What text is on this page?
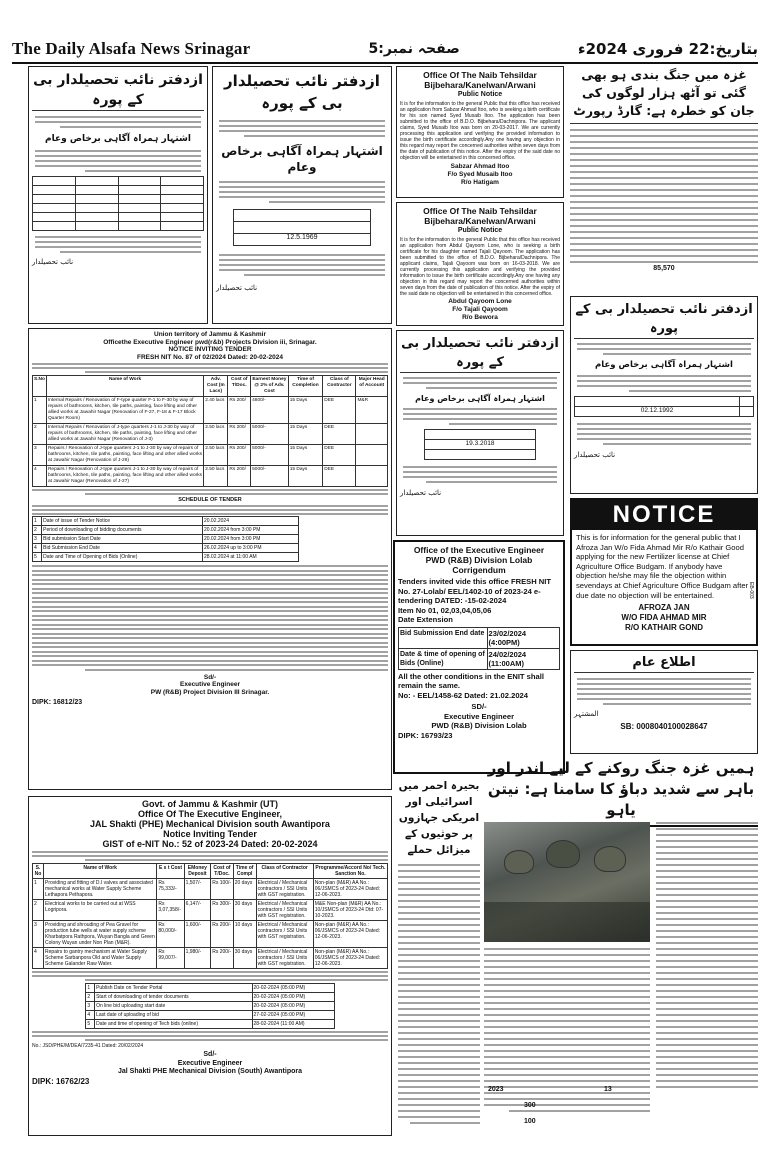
The Daily Alsafa News Srinagar	صفحہ نمبر:5	بتاریخ:22 فروری 2024ء
ازدفتر نائب تحصیلدار بی کے پورہ
اشتہار ہمراہ آگاہی برخاص وعام

نائب تحصیلدار
ازدفتر نائب تحصیلدار بی کے پورہ
اشتہار ہمراہ آگاہی برخاص وعام

12.5.1969
نائب تحصیلدار
Office Of The Naib Tehsildar Bijbehara/Kanelwan/Arwani
Public Notice
It is for the information to the general Public that this office has received an application from Sabzar Ahmad Itoo, who is seeking a birth certificate for his son named Syed Musaib Itoo. The application has been submitted to the office of B.D.O. Bijbehara/Dachnipora. The applicant claims, Syed Musaib Itoo was born on 20-03-2017. We are currently processing this application and verifying the provided information to issue the birth certificate accordingly.Any one having any objection in this regard may report the concerned authorities within seven days from the date of publication of this notice. After the expiry of the said date no objection will be entertained in this concerned office.
Sabzar Ahmad Itoo
F/o Syed Musaib Itoo
R/o Hatigam
Office Of The Naib Tehsildar Bijbehara/Kanelwan/Arwani
Public Notice
It is for the information to the general Public that this office has received an application from Abdul Qayoom Lone, who is seeking a birth certificate for his daughter named Tajali Qayoom. The application has been submitted to the office of B.D.O. Bijbehara/Dachnipora. The applicant claims, Tajali Qayoom was born on 16-03-2018. We are currently processing this application and verifying the provided information to issue the birth certificate accordingly.Any one having any objection in this regard may report the concerned authorities within seven days from the date of publication of this notice. After the expiry of the said date no objection will be entertained in this concerned office.
Abdul Qayoom Lone
F/o Tajali Qayoom
R/o Bewora
غزہ میں جنگ بندی ہو بھی گئی تو آٹھ ہزار لوگوں کی جان کو خطرہ ہے: گارڈ رپورٹ
85,570
ازدفتر نائب تحصیلدار بی کے پورہ
اشتہار ہمراہ آگاہی برخاص وعام

02.12.1992	
نائب تحصیلدار
NOTICE
This is for information for the general public that I Afroza Jan W/o Fida Ahmad Mir R/o Kathair Good applying for the new Fertilizer license at Chief Agriculture Office Budgam. If anybody have objection he/she may file the objection within sevendays at Chief Agriculture Office Budgam after due date no objection will be entertained.
AFROZA JAN
W/O FIDA AHMAD MIR
R/O KATHAIR GOND
EB-003
اطلاع عام
المشتہر
SB: 0008040100028647
ازدفتر نائب تحصیلدار بی کے پورہ
اشتہار ہمراہ آگاہی برخاص وعام

19.3.2018

نائب تحصیلدار
Office of the Executive Engineer
PWD (R&B) Division Lolab
Corrigendum
Tenders invited vide this office FRESH NIT No. 27-Lolab/ EEL/1402-10 of 2023-24 e-tendering DATED: -15-02-2024
Item No 01, 02,03,04,05,06
Date Extension
Bid Submission End date	23/02/2024
(4:00PM)

Date & time of opening of Bids (Online)	24/02/2024
(11:00AM)
All the other conditions in the ENIT shall remain the same.
No: - EEL/1458-62 Dated: 21.02.2024
SD/-
Executive Engineer
PWD (R&B) Division Lolab
DIPK: 16793/23
Union territory of Jammu & Kashmir
Officethe Executive Engineer pwd(r&b) Projects Division iii, Srinagar.
NOTICE INVITING TENDER
FRESH NIT No. 87 of 02/2024 Dated: 20-02-2024
S.No	Name of Work	Adv. Cost (In Lacs)	Cost of T/Doc.	Earnest Money @ 2% of Adv. Cost	Time of Completion	Class of Contractor	Major Head of Account
1	Internal Repairs / Renovation of F-type quarter F-1 to F-30 by way of repairs of bathrooms, kitchen, tile paths, painting, face lifting and other allied works at Jawahir Nagar (Renovation of F-27, F-18 & F-17 Block Quarter Room)	2.40 lacs	Rs 200/	4800/-	15 Days	DEE	M&R
2	Internal Repairs / Renovation of J-type quarters J-1 to J-30 by way of repairs of bathrooms, kitchen, tile paths, painting, face lifting and other allied works at Jawahir Nagar (Renovation of J-3)	2.50 lacs	Rs 200/	5000/-	15 Days	DEE	
3	Repairs / Renovation of J-type quarters J-1 to J-30 by way of repairs of bathrooms, kitchen, tile paths, painting, face lifting and other allied works at Jawahir Nagar (Renovation of J-26)	2.50 lacs	Rs 200/	5000/-	15 Days	DEE	
4	Repairs / Renovation of J-type quarters J-1 to J-30 by way of repairs of bathrooms, kitchen, tile paths, painting, face lifting and other allied works at Jawahir Nagar (Renovation of J-27)	2.50 lacs	Rs 200/	5000/-	15 Days	DEE	
SCHEDULE OF TENDER
1	Date of issue of Tender Notice	20.02.2024
2	Period of downloading of bidding documents	20.02.2024 from 3:00 PM
3	Bid submission Start Date	20.02.2024 from 3:00 PM
4	Bid Submission End Date	26.02.2024 up to 3:00 PM
5	Date and Time of Opening of Bids (Online)	28.02.2024 at 11:00 AM
Sd/-
Executive Engineer
PW (R&B) Project Division III Srinagar.
DIPK: 16812/23
Govt. of Jammu & Kashmir (UT)
Office Of The Executive Engineer,
JAL Shakti (PHE) Mechanical Division south Awantipora
Notice Inviting Tender
GIST of e-NIT No.: 52 of 2023-24 Dated: 20-02-2024
S. No	Name of Work	E s t Cost	EMoney Deposit	Cost of T/Doc.	Time of Compl	Class of Contractor	Programme/Accord No/ Tech. Sanction No.
1	Providing and fitting of D.I valves and associated mechanical works at Water Supply Scheme Lethapora Pethapora.	Rs 75,333/-	1,507/-	Rs 100/-	20 days	Electrical / Mechanical contractors / SSI Units with GST registration.	Non-plan (M&R) AA No.: 06/JSMCS of 2023-24 Dated: 12-06-2023.
2	Electrical works to be carried out at WSS Logripora.	Rs 3,07,358/-	6,147/-	Rs 300/-	30 days	Electrical / Mechanical contractors / SSI Units with GST registration.	M&E Non-plan (M&R) AA No.: 10/JSMCS of 2023-24 Dtd: 07-10-2023.
3	Providing and shrouding of Pea Gravel for production tube wells at water supply scheme Kharbatpora Rathpora, Wuyan Bangla and Green Colony Wuyan under Non Plan (M&R).	Rs 80,000/-	1,600/-	Rs 200/-	10 days	Electrical / Mechanical contractors / SSI Units with GST registration.	Non-plan (M&R) AA No.: 06/JSMCS of 2023-24 Dated: 12-06-2023.
4	Repairs to gantry mechanism at Water Supply Scheme Sarbanpora Old and Water Supply Scheme Galander Raw Water.	Rs 99,007/-	1,980/-	Rs 200/-	30 days	Electrical / Mechanical contractors / SSI Units with GST registration.	Non-plan (M&R) AA No.: 06/JSMCS of 2023-24 Dated: 12-06-2023.
1	Publish Date on Tender Portal	20-02-2024 (05:00 PM)
2	Start of downloading of tender documents	20-02-2024 (05:00 PM)
3	On line bid uploading start date	20-02-2024 (05:00 PM)
4	Last date of uploading of bid	27-02-2024 (05:00 PM)
5	Date and time of opening of Tech bids (online)	28-02-2024 (11:00 AM)
No.: JSD/PHE/M/DEA/7235-41 Dated: 20/02/2024
Sd/-
Executive Engineer
Jal Shakti PHE Mechanical Division (South) Awantipora
DIPK: 16762/23
بحیرہ احمر میں اسرائیلی اور امریکی جہازوں پر حوثیوں کے میزائل حملے
ہمیں غزہ جنگ روکنے کے لیے اندر اور باہر سے شدید دباؤ کا سامنا ہے: نیتن یاہو
2023	13
300
100
